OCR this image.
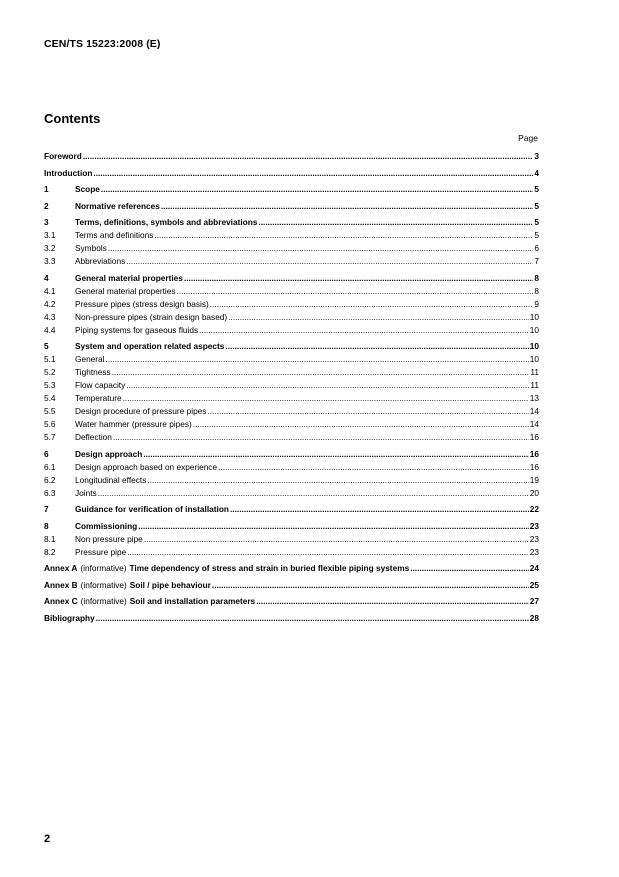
CEN/TS 15223:2008 (E)
Contents
Page
Foreword .....	3
Introduction .....	4
1	Scope .....	5
2	Normative references .....	5
3	Terms, definitions, symbols and abbreviations .....	5
3.1	Terms and definitions .....	5
3.2	Symbols .....	6
3.3	Abbreviations .....	7
4	General material properties .....	8
4.1	General material properties .....	8
4.2	Pressure pipes (stress design basis) .....	9
4.3	Non-pressure pipes (strain design based) .....	10
4.4	Piping systems for gaseous fluids .....	10
5	System and operation related aspects .....	10
5.1	General .....	10
5.2	Tightness .....	11
5.3	Flow capacity .....	11
5.4	Temperature .....	13
5.5	Design procedure of pressure pipes .....	14
5.6	Water hammer (pressure pipes) .....	14
5.7	Deflection .....	16
6	Design approach .....	16
6.1	Design approach based on experience .....	16
6.2	Longitudinal effects .....	19
6.3	Joints .....	20
7	Guidance for verification of installation .....	22
8	Commissioning .....	23
8.1	Non pressure pipe .....	23
8.2	Pressure pipe .....	23
Annex A (informative) Time dependency of stress and strain in buried flexible piping systems .....	24
Annex B (informative) Soil / pipe behaviour .....	25
Annex C (informative) Soil and installation parameters .....	27
Bibliography .....	28
2
